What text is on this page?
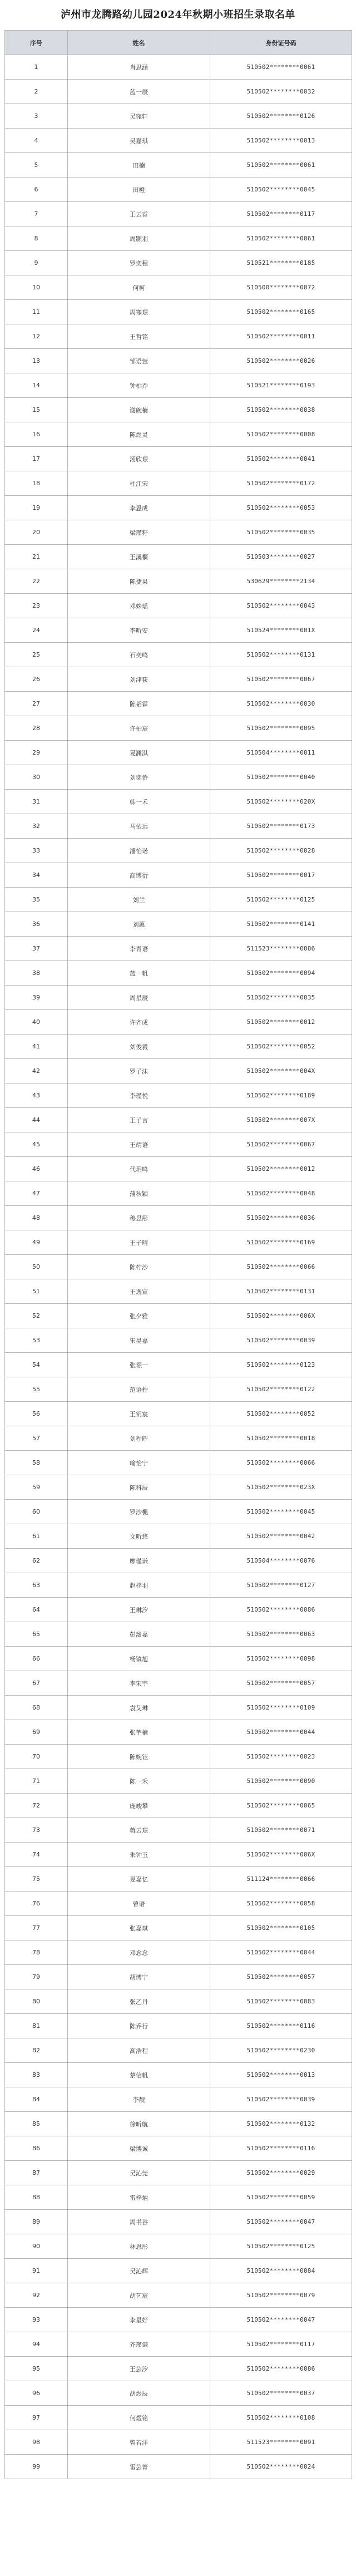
泸州市龙腾路幼儿园2024年秋期小班招生录取名单
序号	姓名	身份证号码
1	肖思涵	510502********0061
2	蓝一辰	510502********0032
3	吴宛轩	510502********0126
4	吴嘉琪	510502********0013
5	田楠	510502********0061
6	田橙	510502********0045
7	王云睿	510502********0117
8	周颢羽	510502********0061
9	罗奕程	510521********0185
10	何柯	510500********0072
11	周寒璟	510502********0165
12	王哲铭	510502********0011
13	邹语萱	510502********0026
14	钟柏乔	510521********0193
15	谢碗楠	510502********0038
16	陈煜灵	510502********0008
17	汤欣璟	510502********0041
18	杜江宋	510502********0172
19	李恩成	510502********0053
20	梁瑾籽	510502********0035
21	王溪桐	510503********0027
22	陈捷果	530629********2134
23	邓姝瑶	510502********0043
24	李昕安	510524********001X
25	石奕鸣	510502********0131
26	刘津荻	510502********0067
27	陈韬霖	510502********0030
28	许柏宸	510502********0095
29	夏澜淇	510504********0011
30	刘奕侨	510502********0040
31	韩一禾	510502********020X
32	马依远	510502********0173
33	潘怡诺	510502********0028
34	高博衍	510502********0017
35	刘兰	510502********0125
36	刘蕙	510502********0141
37	李青语	511523********0086
38	蓝一帆	510502********0094
39	周星辰	510502********0035
40	许齐成	510502********0012
41	刘俊毅	510502********0052
42	罗子沫	510502********004X
43	李瑾悦	510502********0189
44	王子言	510502********007X
45	王靖语	510502********0067
46	代玥鸣	510502********0012
47	蒲秋颖	510502********0048
48	穆昱彤	510502********0036
49	王子晴	510502********0169
50	陈柠沙	510502********0066
51	王逸宣	510502********0131
52	张夕雅	510502********006X
53	宋昊嘉	510502********0039
54	张璟一	510502********0123
55	范语柠	510502********0122
56	王钥宸	510502********0052
57	刘程晖	510502********0018
58	喻怡宁	510502********0066
59	陈科辰	510502********023X
60	罗沙楓	510502********0045
61	文昕悠	510502********0042
62	廖瑾谦	510504********0076
63	赵梓羽	510502********0127
64	王琳汐	510502********0086
65	彭甜嘉	510502********0063
66	杨镇旭	510502********0098
67	李宋宇	510502********0057
68	袁艾琳	510502********0109
69	张芊楠	510502********0044
70	陈婉钰	510502********0023
71	陈一禾	510502********0090
72	庞峻攀	510502********0065
73	蒋云璟	510502********0071
74	朱钟玉	510502********006X
75	夏嘉忆	511124********0066
76	曾语	510502********0058
77	张嘉琪	510502********0105
78	邓念念	510502********0044
79	胡博宁	510502********0057
80	张乙丹	510502********0083
81	陈乔行	510502********0116
82	高浩程	510502********0230
83	蔡信帆	510502********0013
84	李靓	510502********0039
85	徐昕航	510502********0132
86	梁博诚	510502********0116
87	吴沁莞	510502********0029
88	雷梓炳	510502********0059
89	周书谷	510502********0047
90	林恩彤	510502********0125
91	吴沁辉	510502********0084
92	胡艺宸	510502********0079
93	李星好	510502********0047
94	齐瑾谦	510502********0117
95	王芸汐	510502********0086
96	胡煜辰	510502********0037
97	何煜铭	510502********0108
98	曾若洋	511523********0091
99	雷芸菁	510502********0024
